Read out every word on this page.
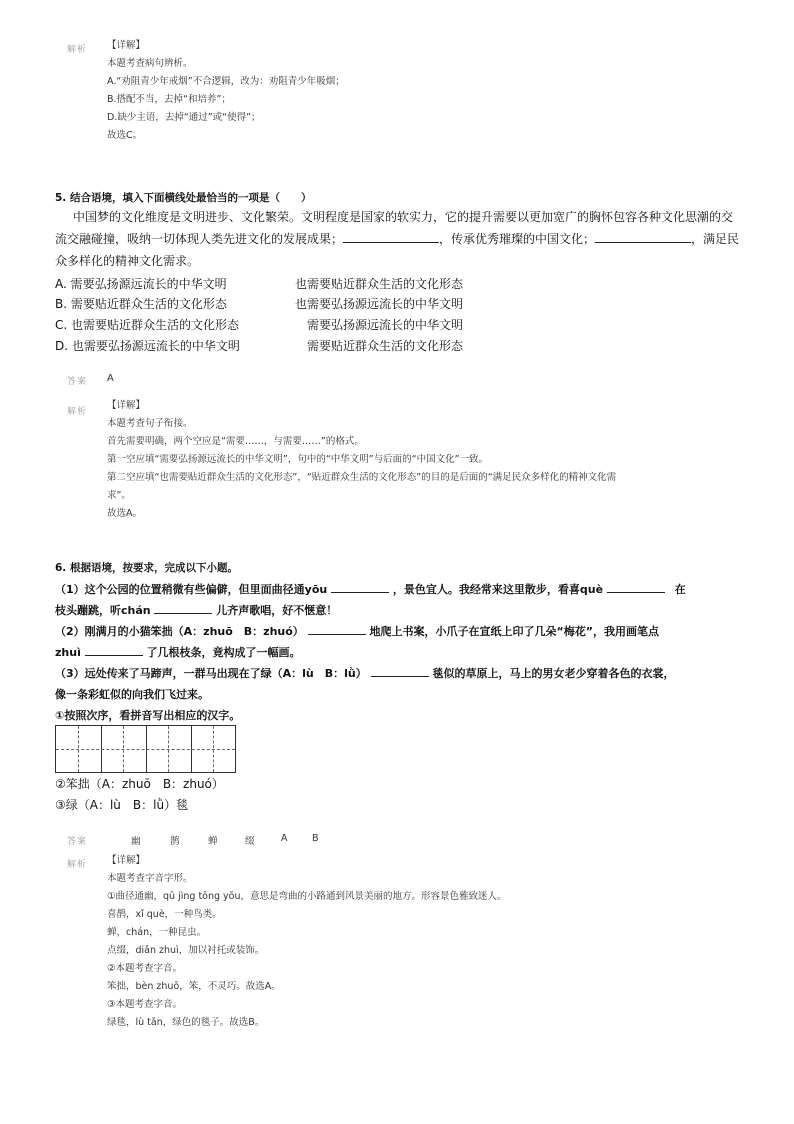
解析 【详解】
本题考查病句辨析。
A.“劝阻青少年戒烟”不合逻辑，改为：劝阻青少年吸烟；
B.搭配不当，去掉“和培养”；
D.缺少主语，去掉“通过”或“使得”；
故选C。
5. 结合语境，填入下面横线处最恰当的一项是（　　）
中国梦的文化维度是文明进步、文化繁荣。文明程度是国家的软实力，它的提升需要以更加宽广的胸怀包容各种文化思潮的交
流交融碰撞，吸纳一切体现人类先进文化的发展成果；	，传承优秀璀璨的中国文化；	，满足民
众多样化的精神文化需求。
A. 需要弘扬源远流长的中华文明	也需要贴近群众生活的文化形态
B. 需要贴近群众生活的文化形态	也需要弘扬源远流长的中华文明
C. 也需要贴近群众生活的文化形态	需要弘扬源远流长的中华文明
D. 也需要弘扬源远流长的中华文明	需要贴近群众生活的文化形态
答案 A
解析
【详解】
本题考查句子衔接。
首先需要明确，两个空应是“需要……，与需要……”的格式。
第一空应填“需要弘扬源远流长的中华文明”，句中的“中华文明”与后面的“中国文化”一致。
第二空应填“也需要贴近群众生活的文化形态”，“贴近群众生活的文化形态”的目的是后面的“满足民众多样化的精神文化需
求”。
故选A。
6. 根据语境，按要求，完成以下小题。
（1）这个公园的位置稍微有些偏僻，但里面曲径通yōu	，景色宜人。我经常来这里散步，看喜què	在
枝头蹦跳，听chán	儿齐声歌唱，好不惬意！
（2）刚满月的小猫笨拙（A：zhuō　B：zhuó）	地爬上书案，小爪子在宣纸上印了几朵“梅花”，我用画笔点
zhuì	了几根枝条，竟构成了一幅画。
（3）远处传来了马蹄声，一群马出现在了绿（A：lù　B：lǜ）	毯似的草原上，马上的男女老少穿着各色的衣裳，
像一条彩虹似的向我们飞过来。
①按照次序，看拼音写出相应的汉字。
②笨拙（A：zhuō　B：zhuó）
③绿（A：lù　B：lǜ）毯
答案	幽	鹊	蝉	缀	A	B
解析 【详解】
本题考查字音字形。
①曲径通幽，qū jìng tōng yōu，意思是弯曲的小路通到风景美丽的地方。形容景色雅致迷人。
喜鹊，xǐ què，一种鸟类。
蝉，chán，一种昆虫。
点缀，diǎn zhuì，加以衬托或装饰。
②本题考查字音。
笨拙，bèn zhuō，笨，不灵巧。故选A。
③本题考查字音。
绿毯，lù tǎn，绿色的毯子。故选B。
